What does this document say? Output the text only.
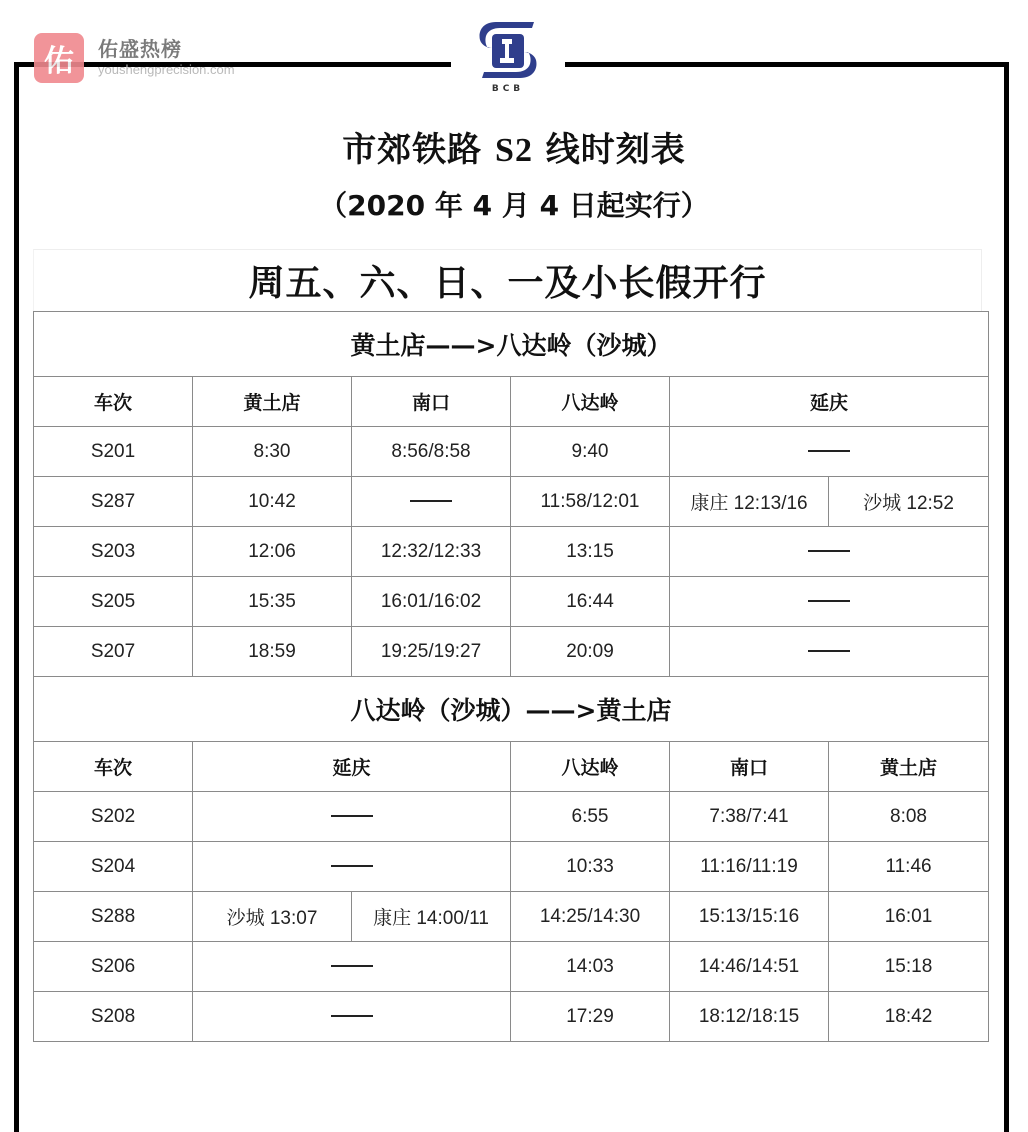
佑	佑盛热榜
youshengprecision.com
BCB
市郊铁路 S2 线时刻表
（2020 年 4 月 4 日起实行）
周五、六、日、一及小长假开行
黄土店——>八达岭（沙城）					
车次	黄土店	南口	八达岭	延庆	
S201	8:30	8:56/8:58	9:40		
S287	10:42		11:58/12:01	康庄 12:13/16	沙城 12:52
S203	12:06	12:32/12:33	13:15		
S205	15:35	16:01/16:02	16:44		
S207	18:59	19:25/19:27	20:09		
八达岭（沙城）——>黄土店					
车次	延庆		八达岭	南口	黄土店
S202			6:55	7:38/7:41	8:08
S204			10:33	11:16/11:19	11:46
S288	沙城 13:07	康庄 14:00/11	14:25/14:30	15:13/15:16	16:01
S206			14:03	14:46/14:51	15:18
S208			17:29	18:12/18:15	18:42
